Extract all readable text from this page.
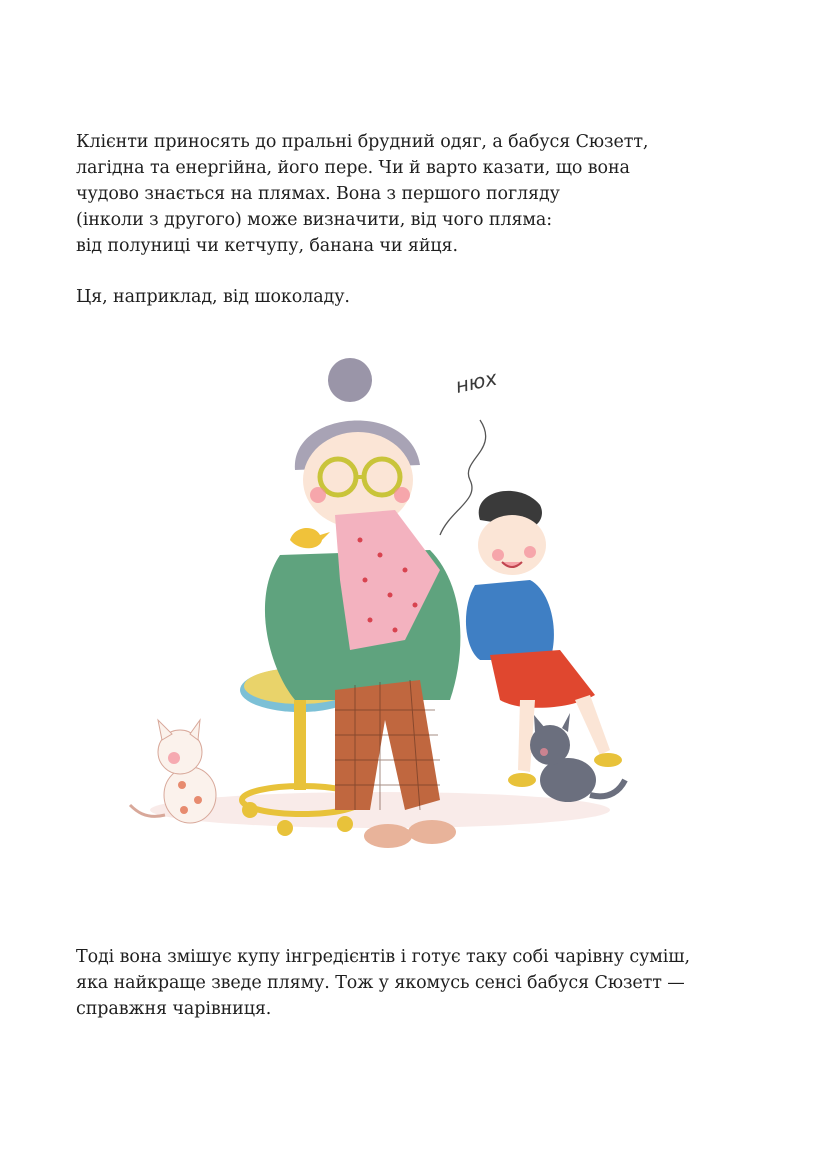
Клієнти приносять до пральні брудний одяг, а бабуся Сюзетт,
лагідна та енергійна, його пере. Чи й варто казати, що вона
чудово знається на плямах. Вона з першого погляду
(інколи з другого) може визначити, від чого пляма:
від полуниці чи кетчупу, банана чи яйця.

Ця, наприклад, від шоколаду.

нюх

Тоді вона змішує купу інгредієнтів і готує таку собі чарівну суміш,
яка найкраще зведе пляму. Тож у якомусь сенсі бабуся Сюзетт —
справжня чарівниця.
